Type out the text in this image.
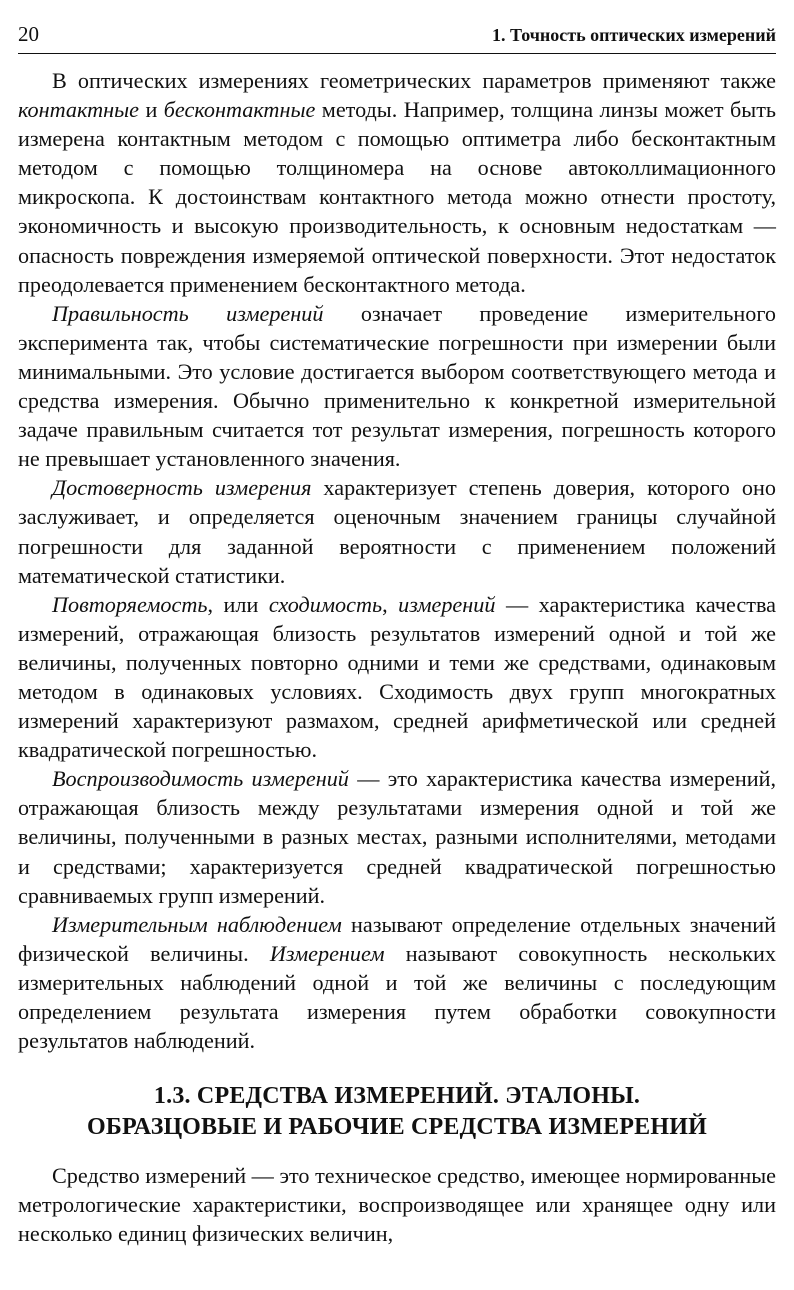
20	1. Точность оптических измерений

В оптических измерениях геометрических параметров применяют также контактные и бесконтактные методы. Например, толщина линзы может быть измерена контактным методом с помощью оптиметра либо бесконтактным методом с помощью толщиномера на основе автоколлимационного микроскопа. К достоинствам контактного метода можно отнести простоту, экономичность и высокую производительность, к основным недостаткам — опасность повреждения измеряемой оптической поверхности. Этот недостаток преодолевается применением бесконтактного метода.

Правильность измерений означает проведение измерительного эксперимента так, чтобы систематические погрешности при измерении были минимальными. Это условие достигается выбором соответствующего метода и средства измерения. Обычно применительно к конкретной измерительной задаче правильным считается тот результат измерения, погрешность которого не превышает установленного значения.

Достоверность измерения характеризует степень доверия, которого оно заслуживает, и определяется оценочным значением границы случайной погрешности для заданной вероятности с применением положений математической статистики.

Повторяемость, или сходимость, измерений — характеристика качества измерений, отражающая близость результатов измерений одной и той же величины, полученных повторно одними и теми же средствами, одинаковым методом в одинаковых условиях. Сходимость двух групп многократных измерений характеризуют размахом, средней арифметической или средней квадратической погрешностью.

Воспроизводимость измерений — это характеристика качества измерений, отражающая близость между результатами измерения одной и той же величины, полученными в разных местах, разными исполнителями, методами и средствами; характеризуется средней квадратической погрешностью сравниваемых групп измерений.

Измерительным наблюдением называют определение отдельных значений физической величины. Измерением называют совокупность нескольких измерительных наблюдений одной и той же величины с последующим определением результата измерения путем обработки совокупности результатов наблюдений.

1.3. СРЕДСТВА ИЗМЕРЕНИЙ. ЭТАЛОНЫ.
ОБРАЗЦОВЫЕ И РАБОЧИЕ СРЕДСТВА ИЗМЕРЕНИЙ

Средство измерений — это техническое средство, имеющее нормированные метрологические характеристики, воспроизводящее или хранящее одну или несколько единиц физических величин,
